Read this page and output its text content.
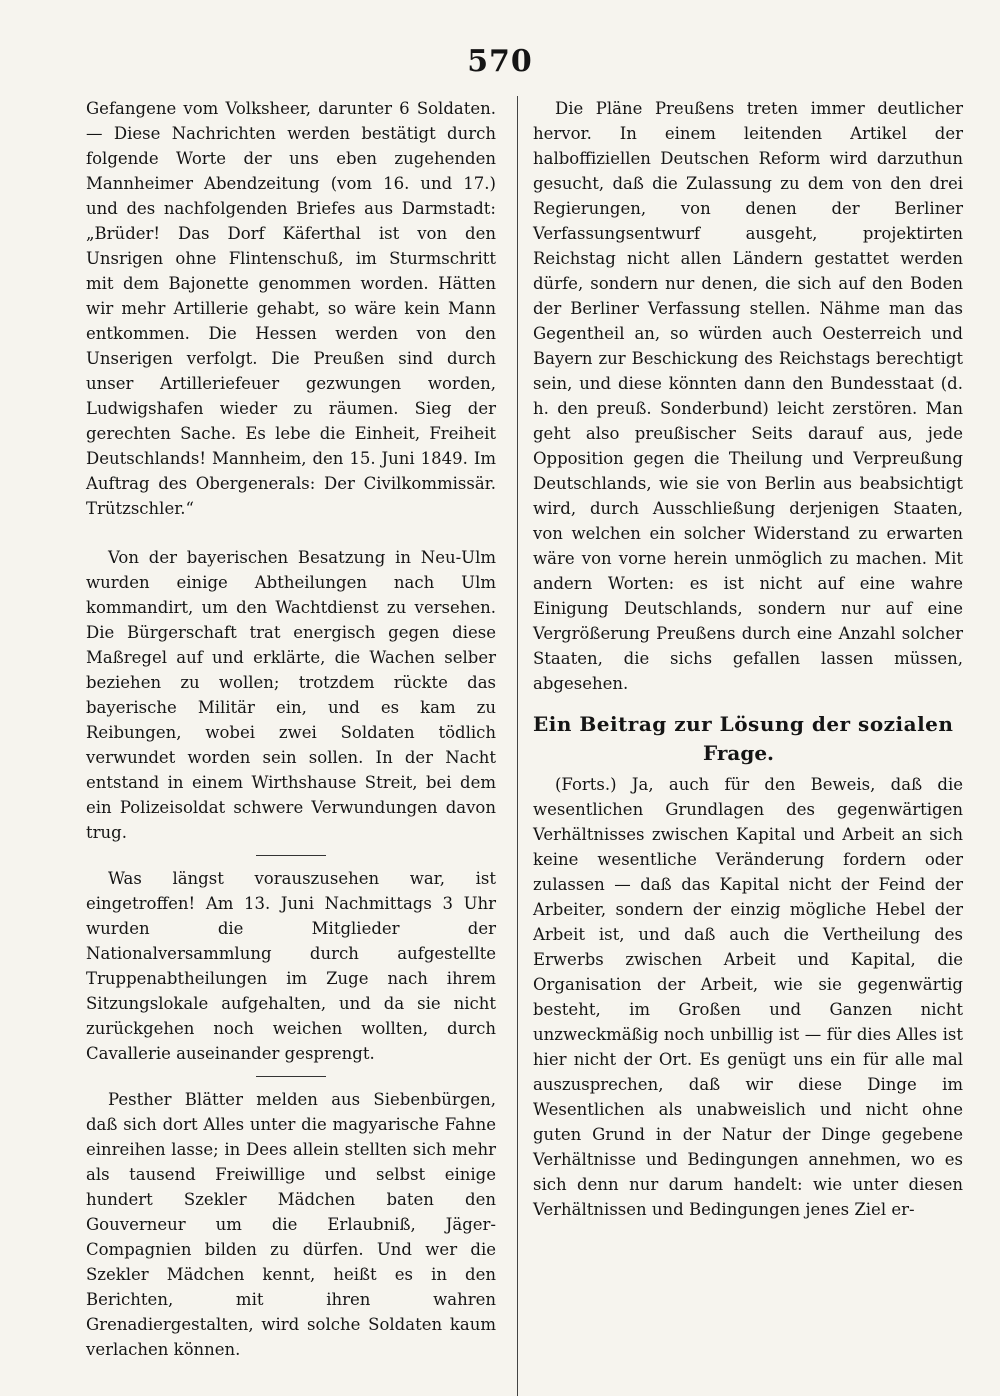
570

Gefangene vom Volksheer, darunter 6 Soldaten. — Diese Nachrichten werden bestätigt durch folgende Worte der uns eben zugehenden Mannheimer Abendzeitung (vom 16. und 17.) und des nachfolgenden Briefes aus Darmstadt: „Brüder! Das Dorf Käferthal ist von den Unsrigen ohne Flintenschuß, im Sturmschritt mit dem Bajonette genommen worden. Hätten wir mehr Artillerie gehabt, so wäre kein Mann entkommen. Die Hessen werden von den Unserigen verfolgt. Die Preußen sind durch unser Artilleriefeuer gezwungen worden, Ludwigshafen wieder zu räumen. Sieg der gerechten Sache. Es lebe die Einheit, Freiheit Deutschlands! Mannheim, den 15. Juni 1849. Im Auftrag des Obergenerals: Der Civilkommissär. Trützschler.“

Von der bayerischen Besatzung in Neu-Ulm wurden einige Abtheilungen nach Ulm kommandirt, um den Wachtdienst zu versehen. Die Bürgerschaft trat energisch gegen diese Maßregel auf und erklärte, die Wachen selber beziehen zu wollen; trotzdem rückte das bayerische Militär ein, und es kam zu Reibungen, wobei zwei Soldaten tödlich verwundet worden sein sollen. In der Nacht entstand in einem Wirthshause Streit, bei dem ein Polizeisoldat schwere Verwundungen davon trug.

Was längst vorauszusehen war, ist eingetroffen! Am 13. Juni Nachmittags 3 Uhr wurden die Mitglieder der Nationalversammlung durch aufgestellte Truppenabtheilungen im Zuge nach ihrem Sitzungslokale aufgehalten, und da sie nicht zurückgehen noch weichen wollten, durch Cavallerie auseinander gesprengt.

Pesther Blätter melden aus Siebenbürgen, daß sich dort Alles unter die magyarische Fahne einreihen lasse; in Dees allein stellten sich mehr als tausend Freiwillige und selbst einige hundert Szekler Mädchen baten den Gouverneur um die Erlaubniß, Jäger-Compagnien bilden zu dürfen. Und wer die Szekler Mädchen kennt, heißt es in den Berichten, mit ihren wahren Grenadiergestalten, wird solche Soldaten kaum verlachen können.

Die Pläne Preußens treten immer deutlicher hervor. In einem leitenden Artikel der halboffiziellen Deutschen Reform wird darzuthun gesucht, daß die Zulassung zu dem von den drei Regierungen, von denen der Berliner Verfassungsentwurf ausgeht, projektirten Reichstag nicht allen Ländern gestattet werden dürfe, sondern nur denen, die sich auf den Boden der Berliner Verfassung stellen. Nähme man das Gegentheil an, so würden auch Oesterreich und Bayern zur Beschickung des Reichstags berechtigt sein, und diese könnten dann den Bundesstaat (d. h. den preuß. Sonderbund) leicht zerstören. Man geht also preußischer Seits darauf aus, jede Opposition gegen die Theilung und Verpreußung Deutschlands, wie sie von Berlin aus beabsichtigt wird, durch Ausschließung derjenigen Staaten, von welchen ein solcher Widerstand zu erwarten wäre von vorne herein unmöglich zu machen. Mit andern Worten: es ist nicht auf eine wahre Einigung Deutschlands, sondern nur auf eine Vergrößerung Preußens durch eine Anzahl solcher Staaten, die sichs gefallen lassen müssen, abgesehen.

Ein Beitrag zur Lösung der sozialen
Frage.

(Forts.) Ja, auch für den Beweis, daß die wesentlichen Grundlagen des gegenwärtigen Verhältnisses zwischen Kapital und Arbeit an sich keine wesentliche Veränderung fordern oder zulassen — daß das Kapital nicht der Feind der Arbeiter, sondern der einzig mögliche Hebel der Arbeit ist, und daß auch die Vertheilung des Erwerbs zwischen Arbeit und Kapital, die Organisation der Arbeit, wie sie gegenwärtig besteht, im Großen und Ganzen nicht unzweckmäßig noch unbillig ist — für dies Alles ist hier nicht der Ort. Es genügt uns ein für alle mal auszusprechen, daß wir diese Dinge im Wesentlichen als unabweislich und nicht ohne guten Grund in der Natur der Dinge gegebene Verhältnisse und Bedingungen annehmen, wo es sich denn nur darum handelt: wie unter diesen Verhältnissen und Bedingungen jenes Ziel er-
